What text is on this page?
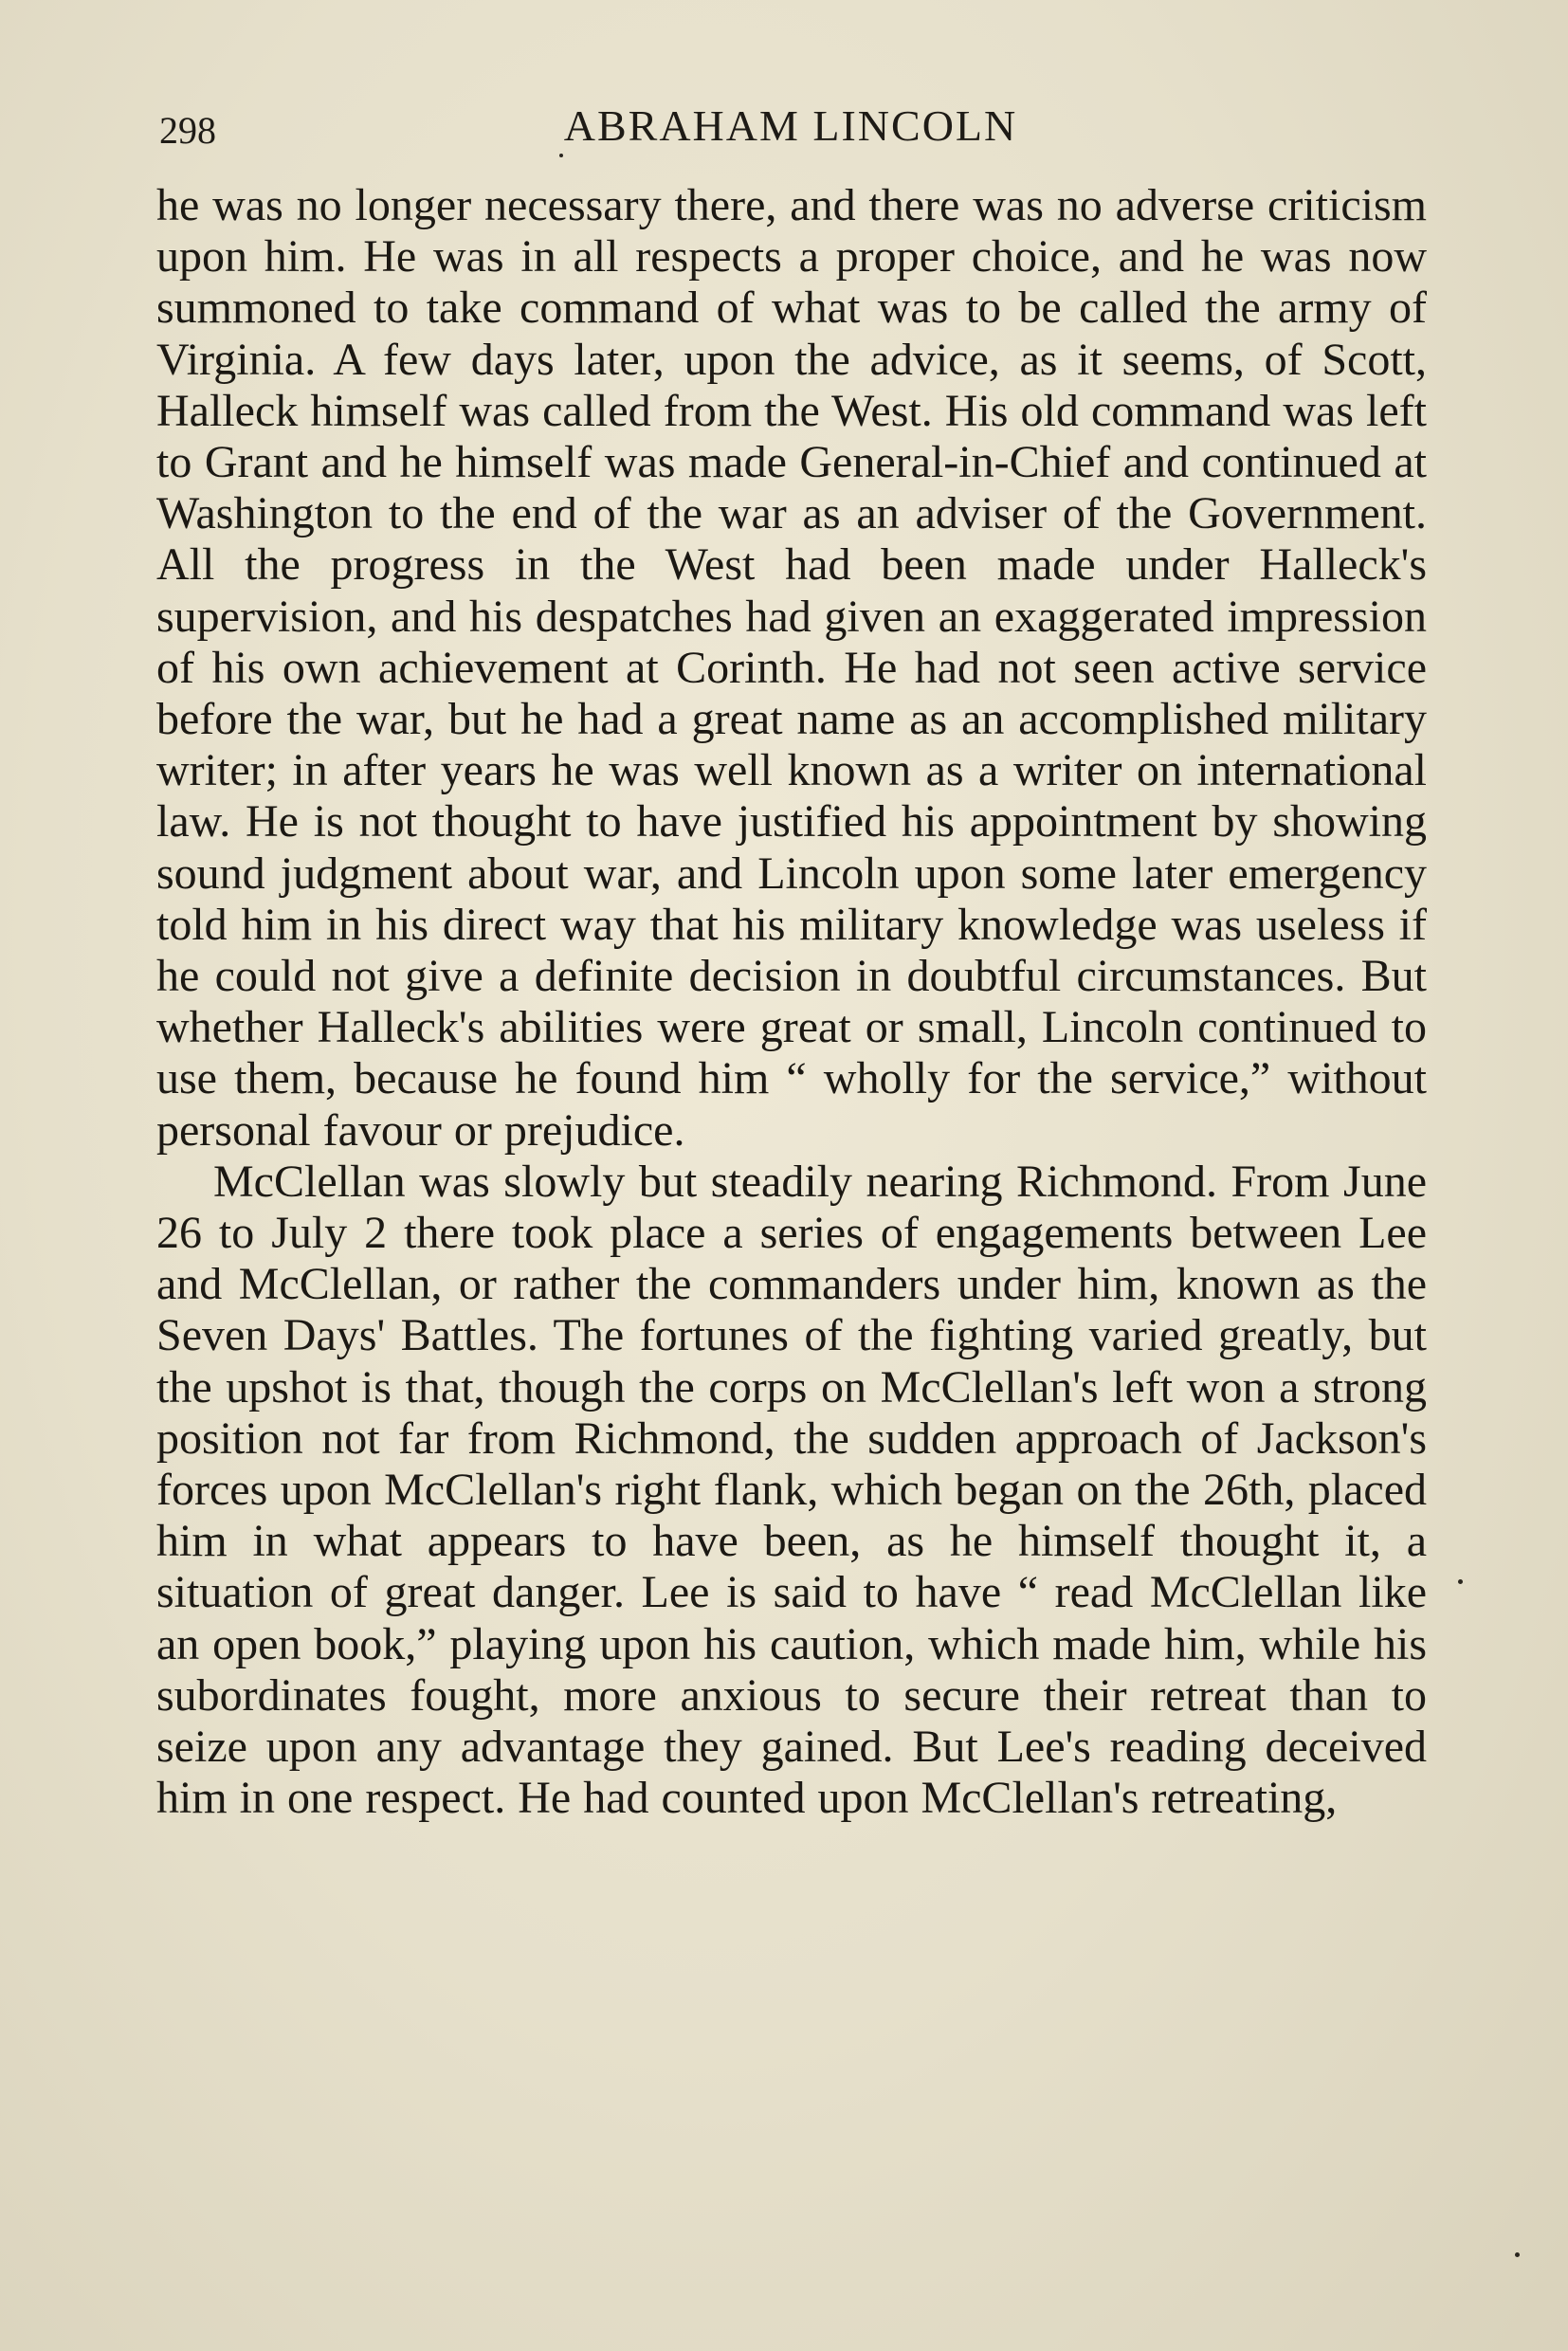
298	ABRAHAM LINCOLN

he was no longer necessary there, and there was no adverse criticism upon him. He was in all respects a proper choice, and he was now summoned to take command of what was to be called the army of Virginia. A few days later, upon the advice, as it seems, of Scott, Halleck himself was called from the West. His old command was left to Grant and he himself was made General-in-Chief and continued at Washington to the end of the war as an adviser of the Government. All the progress in the West had been made under Halleck's supervision, and his despatches had given an exaggerated impression of his own achievement at Corinth. He had not seen active service before the war, but he had a great name as an accomplished military writer; in after years he was well known as a writer on international law. He is not thought to have justified his appointment by showing sound judgment about war, and Lincoln upon some later emergency told him in his direct way that his military knowledge was useless if he could not give a definite decision in doubtful circumstances. But whether Halleck's abilities were great or small, Lincoln continued to use them, because he found him “ wholly for the service,” without personal favour or prejudice.

McClellan was slowly but steadily nearing Richmond. From June 26 to July 2 there took place a series of engagements between Lee and McClellan, or rather the commanders under him, known as the Seven Days' Battles. The fortunes of the fighting varied greatly, but the upshot is that, though the corps on McClellan's left won a strong position not far from Richmond, the sudden approach of Jackson's forces upon McClellan's right flank, which began on the 26th, placed him in what appears to have been, as he himself thought it, a situation of great danger. Lee is said to have “ read McClellan like an open book,” playing upon his caution, which made him, while his subordinates fought, more anxious to secure their retreat than to seize upon any advantage they gained. But Lee's reading deceived him in one respect. He had counted upon McClellan's retreating,
